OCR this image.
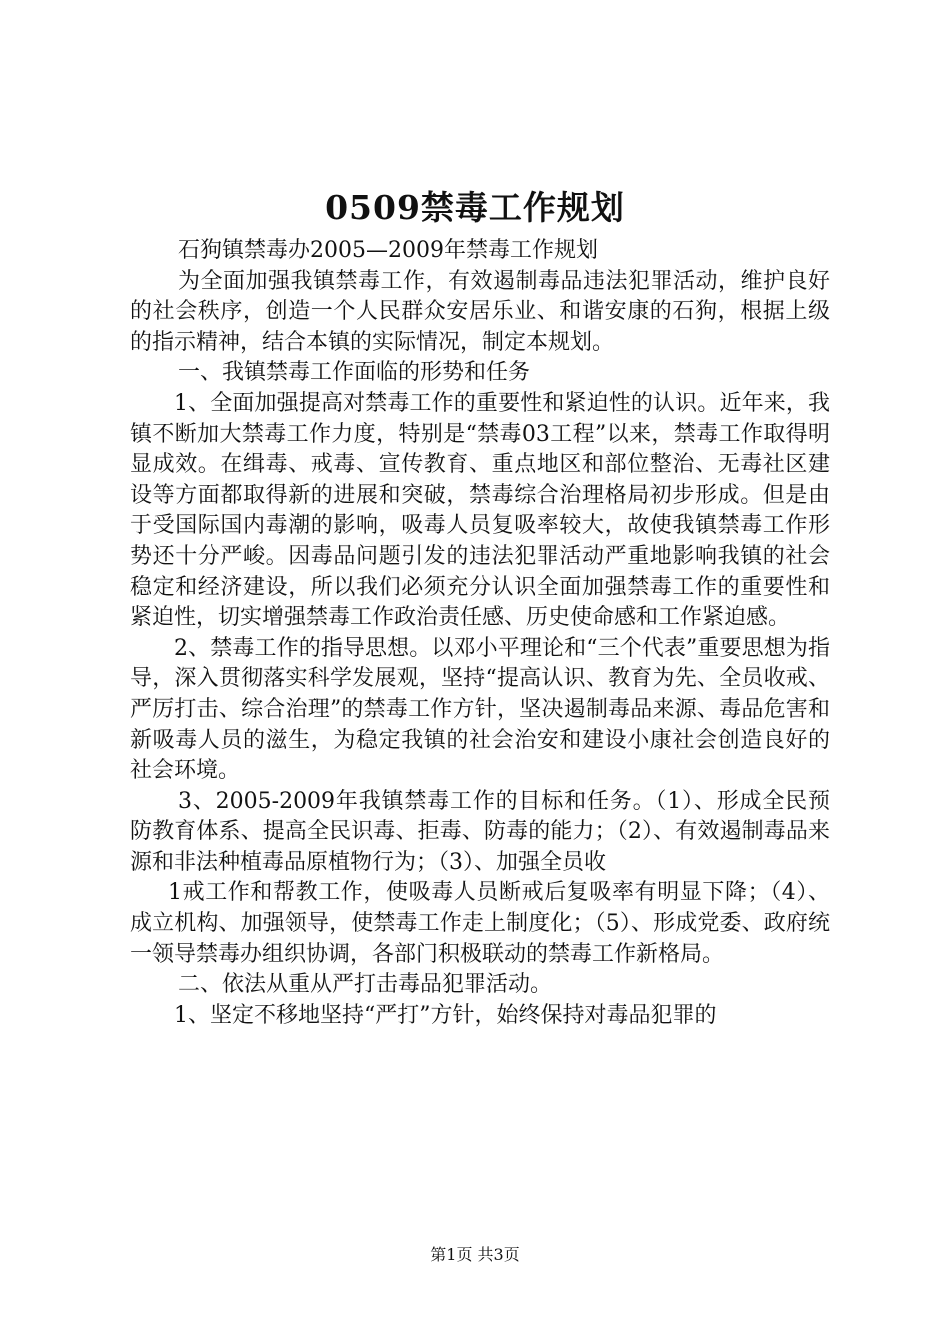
0509禁毒工作规划

石狗镇禁毒办2005—2009年禁毒工作规划

为全面加强我镇禁毒工作，有效遏制毒品违法犯罪活动，维护良好的社会秩序，创造一个人民群众安居乐业、和谐安康的石狗，根据上级的指示精神，结合本镇的实际情况，制定本规划。

一、我镇禁毒工作面临的形势和任务

1、全面加强提高对禁毒工作的重要性和紧迫性的认识。近年来，我镇不断加大禁毒工作力度，特别是“禁毒03工程”以来，禁毒工作取得明显成效。在缉毒、戒毒、宣传教育、重点地区和部位整治、无毒社区建设等方面都取得新的进展和突破，禁毒综合治理格局初步形成。但是由于受国际国内毒潮的影响，吸毒人员复吸率较大，故使我镇禁毒工作形势还十分严峻。因毒品问题引发的违法犯罪活动严重地影响我镇的社会稳定和经济建设，所以我们必须充分认识全面加强禁毒工作的重要性和紧迫性，切实增强禁毒工作政治责任感、历史使命感和工作紧迫感。

2、禁毒工作的指导思想。以邓小平理论和“三个代表”重要思想为指导，深入贯彻落实科学发展观，坚持“提高认识、教育为先、全员收戒、严厉打击、综合治理”的禁毒工作方针，坚决遏制毒品来源、毒品危害和新吸毒人员的滋生，为稳定我镇的社会治安和建设小康社会创造良好的社会环境。

3、2005-2009年我镇禁毒工作的目标和任务。（1）、形成全民预防教育体系、提高全民识毒、拒毒、防毒的能力；（2）、有效遏制毒品来源和非法种植毒品原植物行为；（3）、加强全员收

1戒工作和帮教工作，使吸毒人员断戒后复吸率有明显下降；（4）、成立机构、加强领导，使禁毒工作走上制度化；（5）、形成党委、政府统一领导禁毒办组织协调，各部门积极联动的禁毒工作新格局。

二、依法从重从严打击毒品犯罪活动。

1、坚定不移地坚持“严打”方针，始终保持对毒品犯罪的

第1页 共3页
